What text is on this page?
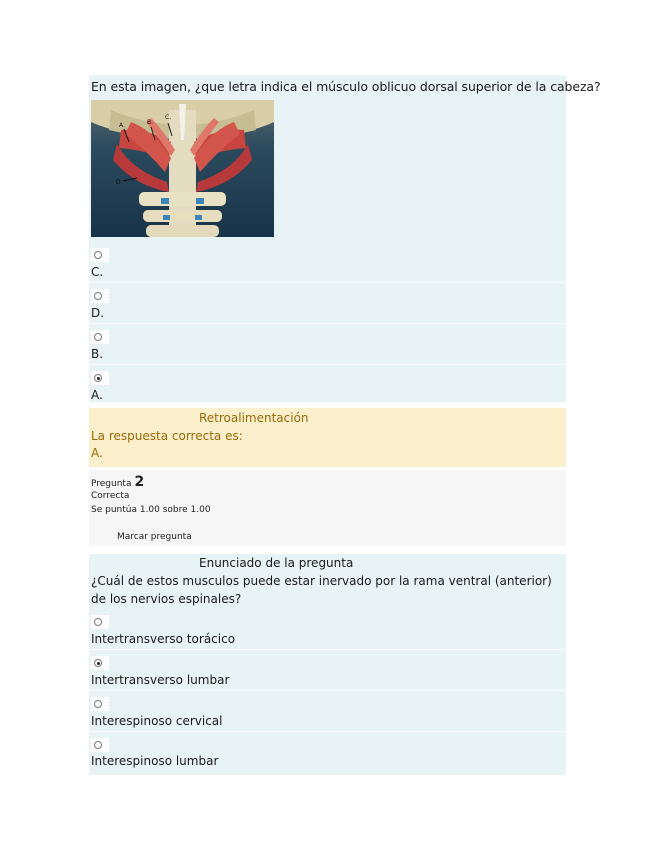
En esta imagen, ¿que letra indica el músculo oblicuo dorsal superior de la cabeza?
A.	B.
C.
D.
C.
D.
B.
A.
Retroalimentación
La respuesta correcta es:
A.
Pregunta 2
Correcta
Se puntúa 1.00 sobre 1.00
Marcar pregunta
Enunciado de la pregunta
¿Cuál de estos musculos puede estar inervado por la rama ventral (anterior) de los nervios espinales?
Intertransverso torácico
Intertransverso lumbar
Interespinoso cervical
Interespinoso lumbar
